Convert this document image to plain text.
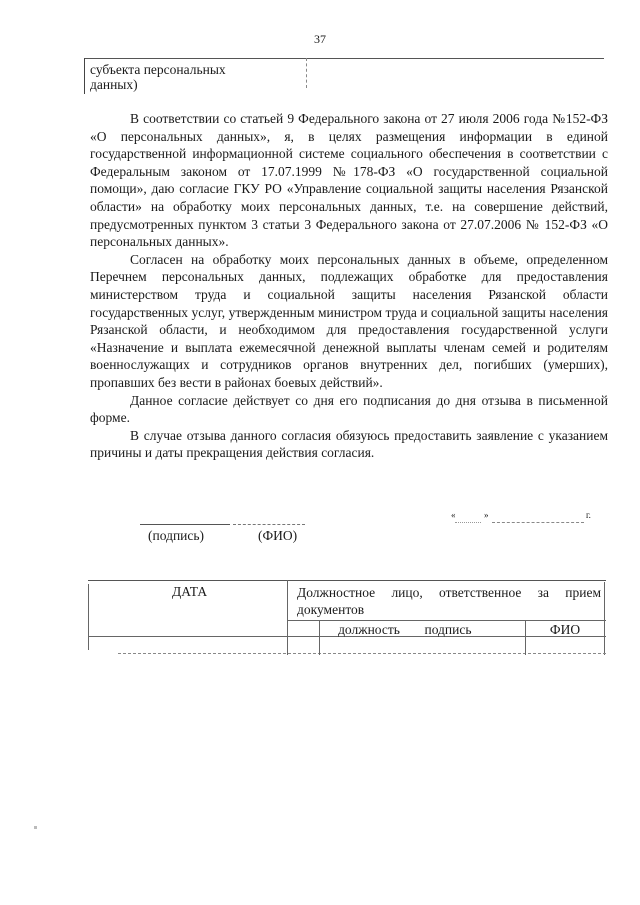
37
субъекта персональных
данных)

В соответствии со статьей 9 Федерального закона от 27 июля 2006 года №152-ФЗ «О персональных данных», я, в целях размещения информации в единой государственной информационной системе социального обеспечения в соответствии с Федеральным законом от 17.07.1999 №178-ФЗ «О государственной социальной помощи», даю согласие ГКУ РО «Управление социальной защиты населения Рязанской области» на обработку моих персональных данных, т.е. на совершение действий, предусмотренных пунктом 3 статьи 3 Федерального закона от 27.07.2006 № 152-ФЗ «О персональных данных».

Согласен на обработку моих персональных данных в объеме, определенном Перечнем персональных данных, подлежащих обработке для предоставления министерством труда и социальной защиты населения Рязанской области государственных услуг, утвержденным министром труда и социальной защиты населения Рязанской области, и необходимом для предоставления государственной услуги «Назначение и выплата ежемесячной денежной выплаты членам семей и родителям военнослужащих и сотрудников органов внутренних дел, погибших (умерших), пропавших без вести в районах боевых действий».

Данное согласие действует со дня его подписания до дня отзыва в письменной форме.

В случае отзыва данного согласия обязуюсь предоставить заявление с указанием причины и даты прекращения действия согласия.

(подпись)	(ФИО)
«	»	г.
ДАТА	Должностное лицо, ответственное за прием документов
должность	подпись	ФИО
